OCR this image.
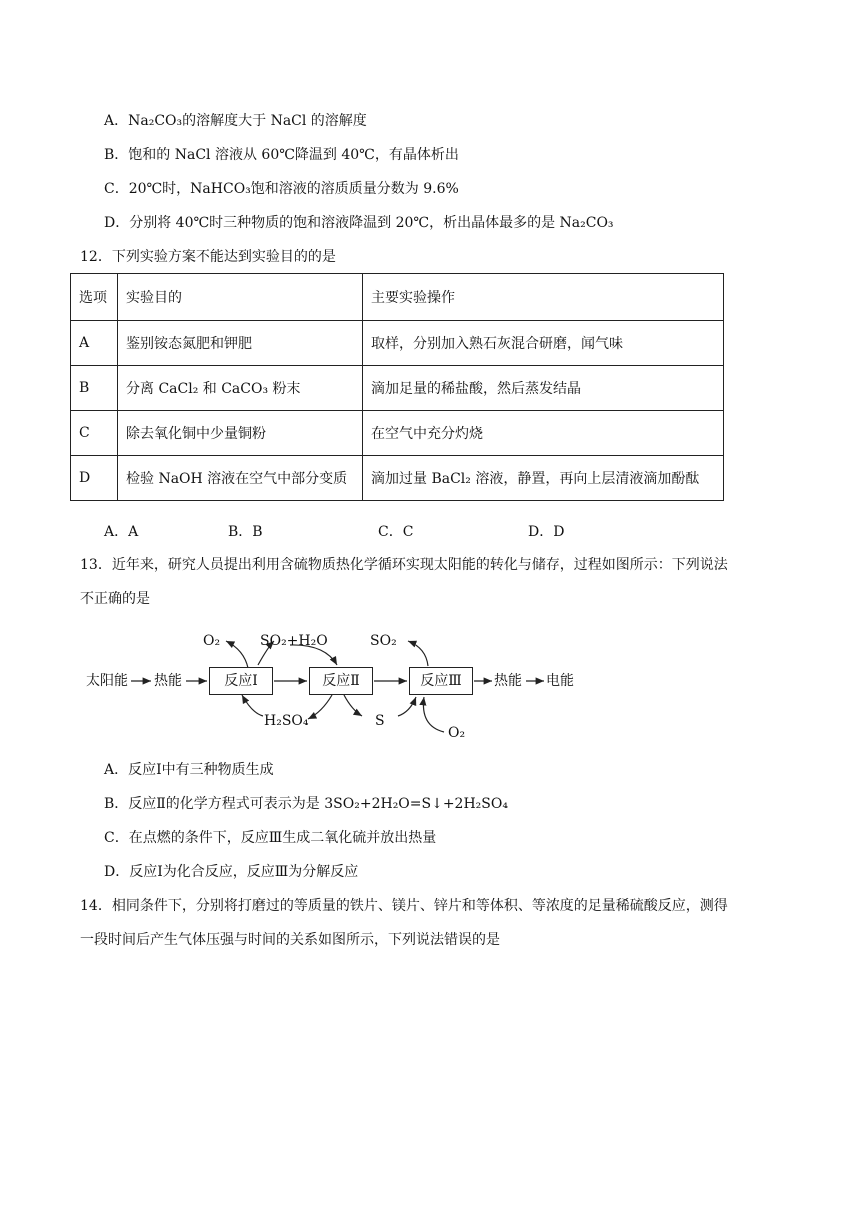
A．Na₂CO₃的溶解度大于 NaCl 的溶解度
B．饱和的 NaCl 溶液从 60℃降温到 40℃，有晶体析出
C．20℃时，NaHCO₃饱和溶液的溶质质量分数为 9.6%
D．分别将 40℃时三种物质的饱和溶液降温到 20℃，析出晶体最多的是 Na₂CO₃
12．下列实验方案不能达到实验目的的是
选项	实验目的	主要实验操作
A	鉴别铵态氮肥和钾肥	取样，分别加入熟石灰混合研磨，闻气味
B	分离 CaCl₂ 和 CaCO₃ 粉末	滴加足量的稀盐酸，然后蒸发结晶
C	除去氧化铜中少量铜粉	在空气中充分灼烧
D	检验 NaOH 溶液在空气中部分变质	滴加过量 BaCl₂ 溶液，静置，再向上层清液滴加酚酞
A．A	B．B	C．C	D．D
13．近年来，研究人员提出利用含硫物质热化学循环实现太阳能的转化与储存，过程如图所示：下列说法
不正确的是
太阳能 热能	反应Ⅰ	反应Ⅱ	反应Ⅲ	热能 电能
O₂	SO₂+H₂O	SO₂
H₂SO₄	S
O₂
A．反应Ⅰ中有三种物质生成
B．反应Ⅱ的化学方程式可表示为是 3SO₂+2H₂O=S↓+2H₂SO₄
C．在点燃的条件下，反应Ⅲ生成二氧化硫并放出热量
D．反应Ⅰ为化合反应，反应Ⅲ为分解反应
14．相同条件下，分别将打磨过的等质量的铁片、镁片、锌片和等体积、等浓度的足量稀硫酸反应，测得
一段时间后产生气体压强与时间的关系如图所示，下列说法错误的是
